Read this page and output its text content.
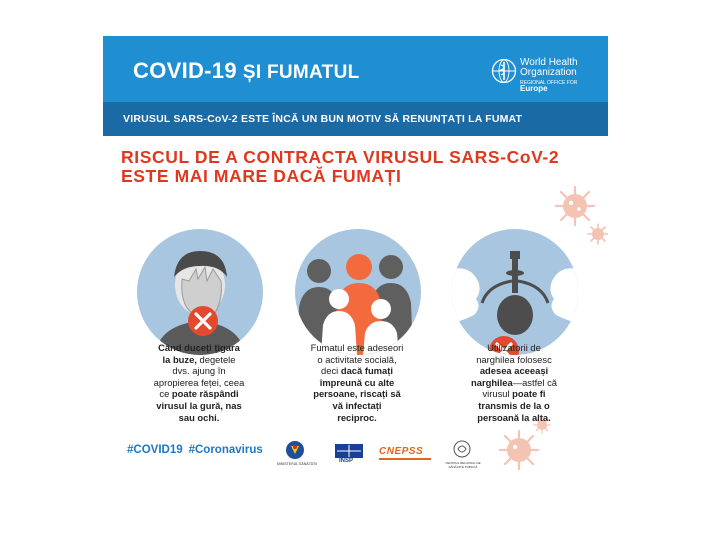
COVID-19 ȘI FUMATUL	World Health
Organization
REGIONAL OFFICE FOR
Europe
VIRUSUL SARS-CoV-2 ESTE ÎNCĂ UN BUN MOTIV SĂ RENUNȚAȚI LA FUMAT
RISCUL DE A CONTRACTA VIRUSUL SARS-CoV-2
ESTE MAI MARE DACĂ FUMAȚI
Când duceți țigara
la buze, degetele
dvs. ajung în
apropierea feței, ceea
ce poate răspândi
virusul la gură, nas
sau ochi.
Fumatul este adeseori
o activitate socială,
deci dacă fumați
împreună cu alte
persoane, riscați să
vă infectați
reciproc.
Utilizatorii de
narghilea folosesc
adesea aceeași
narghilea—astfel că
virusul poate fi
transmis de la o
persoană la alta.
#COVID19 #Coronavirus
MINISTERUL SĂNĂTĂȚII	INSP
CNEPSS
CENTRUL REGIONAL DE SĂNĂTATE PUBLICĂ
